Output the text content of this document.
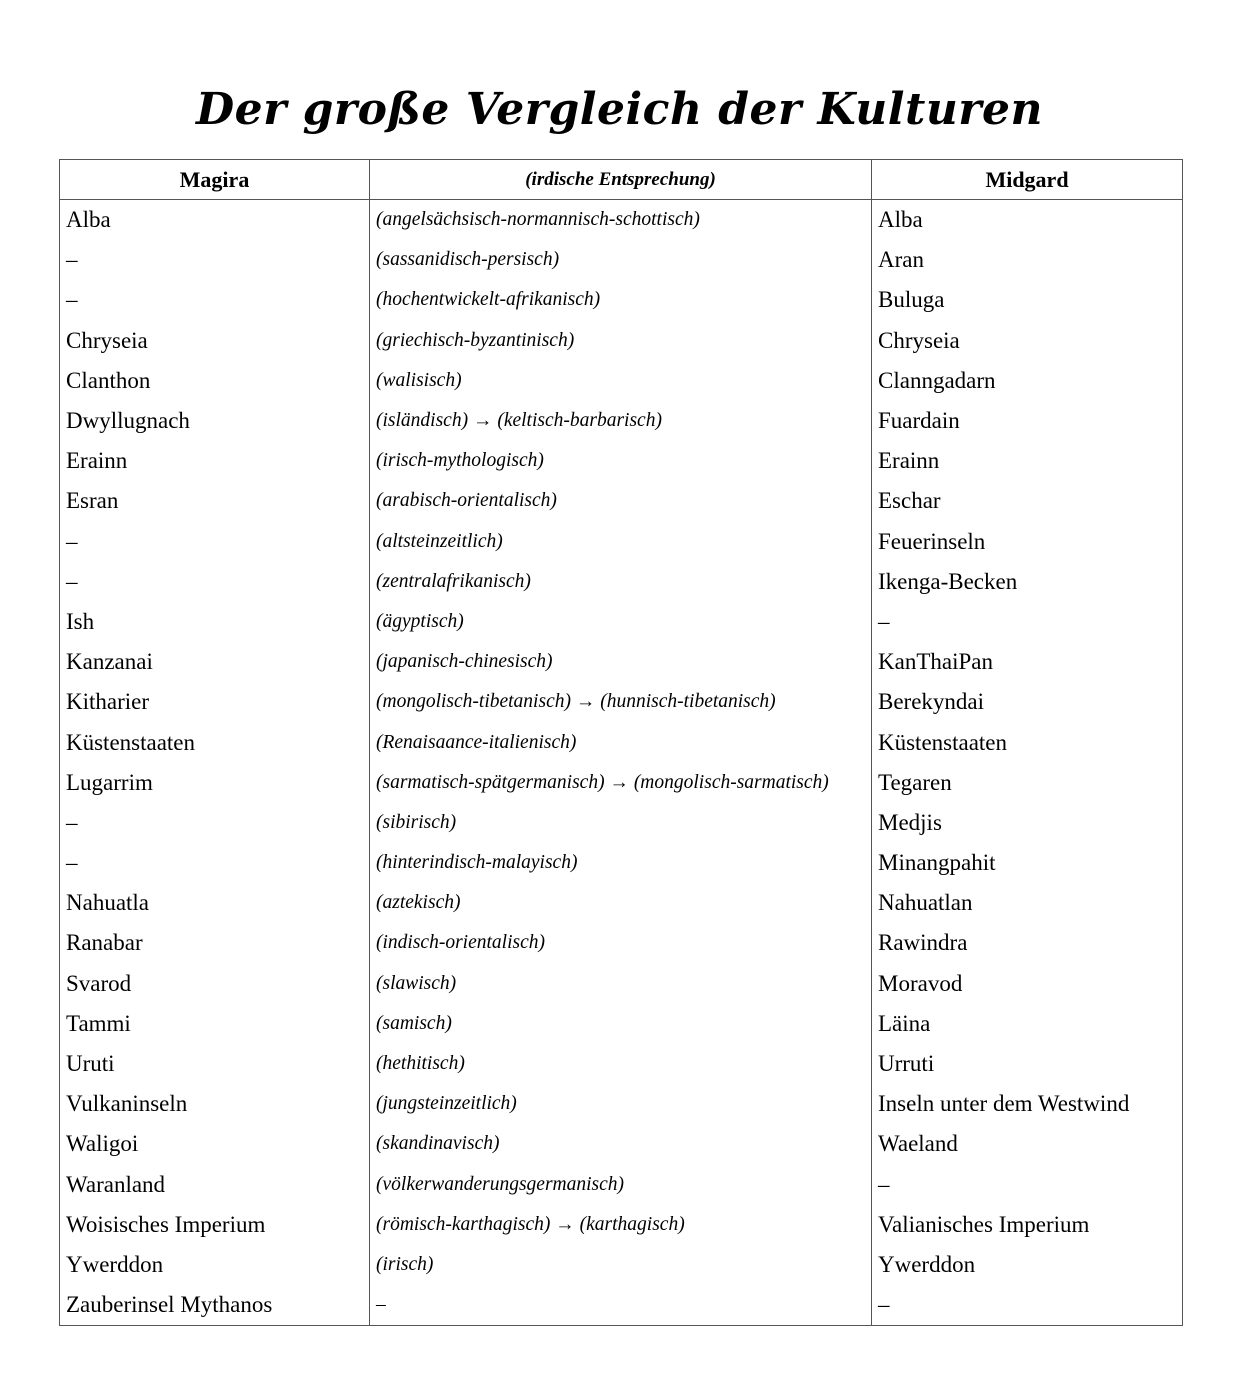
Der große Vergleich der Kulturen
Magira	(irdische Entsprechung)	Midgard
Alba	(angelsächsisch-normannisch-schottisch)	Alba
–	(sassanidisch-persisch)	Aran
–	(hochentwickelt-afrikanisch)	Buluga
Chryseia	(griechisch-byzantinisch)	Chryseia
Clanthon	(walisisch)	Clanngadarn
Dwyllugnach	(isländisch) → (keltisch-barbarisch)	Fuardain
Erainn	(irisch-mythologisch)	Erainn
Esran	(arabisch-orientalisch)	Eschar
–	(altsteinzeitlich)	Feuerinseln
–	(zentralafrikanisch)	Ikenga-Becken
Ish	(ägyptisch)	–
Kanzanai	(japanisch-chinesisch)	KanThaiPan
Kitharier	(mongolisch-tibetanisch) → (hunnisch-tibetanisch)	Berekyndai
Küstenstaaten	(Renaisaance-italienisch)	Küstenstaaten
Lugarrim	(sarmatisch-spätgermanisch) → (mongolisch-sarmatisch)	Tegaren
–	(sibirisch)	Medjis
–	(hinterindisch-malayisch)	Minangpahit
Nahuatla	(aztekisch)	Nahuatlan
Ranabar	(indisch-orientalisch)	Rawindra
Svarod	(slawisch)	Moravod
Tammi	(samisch)	Läina
Uruti	(hethitisch)	Urruti
Vulkaninseln	(jungsteinzeitlich)	Inseln unter dem Westwind
Waligoi	(skandinavisch)	Waeland
Waranland	(völkerwanderungsgermanisch)	–
Woisisches Imperium	(römisch-karthagisch) → (karthagisch)	Valianisches Imperium
Ywerddon	(irisch)	Ywerddon
Zauberinsel Mythanos	–	–
